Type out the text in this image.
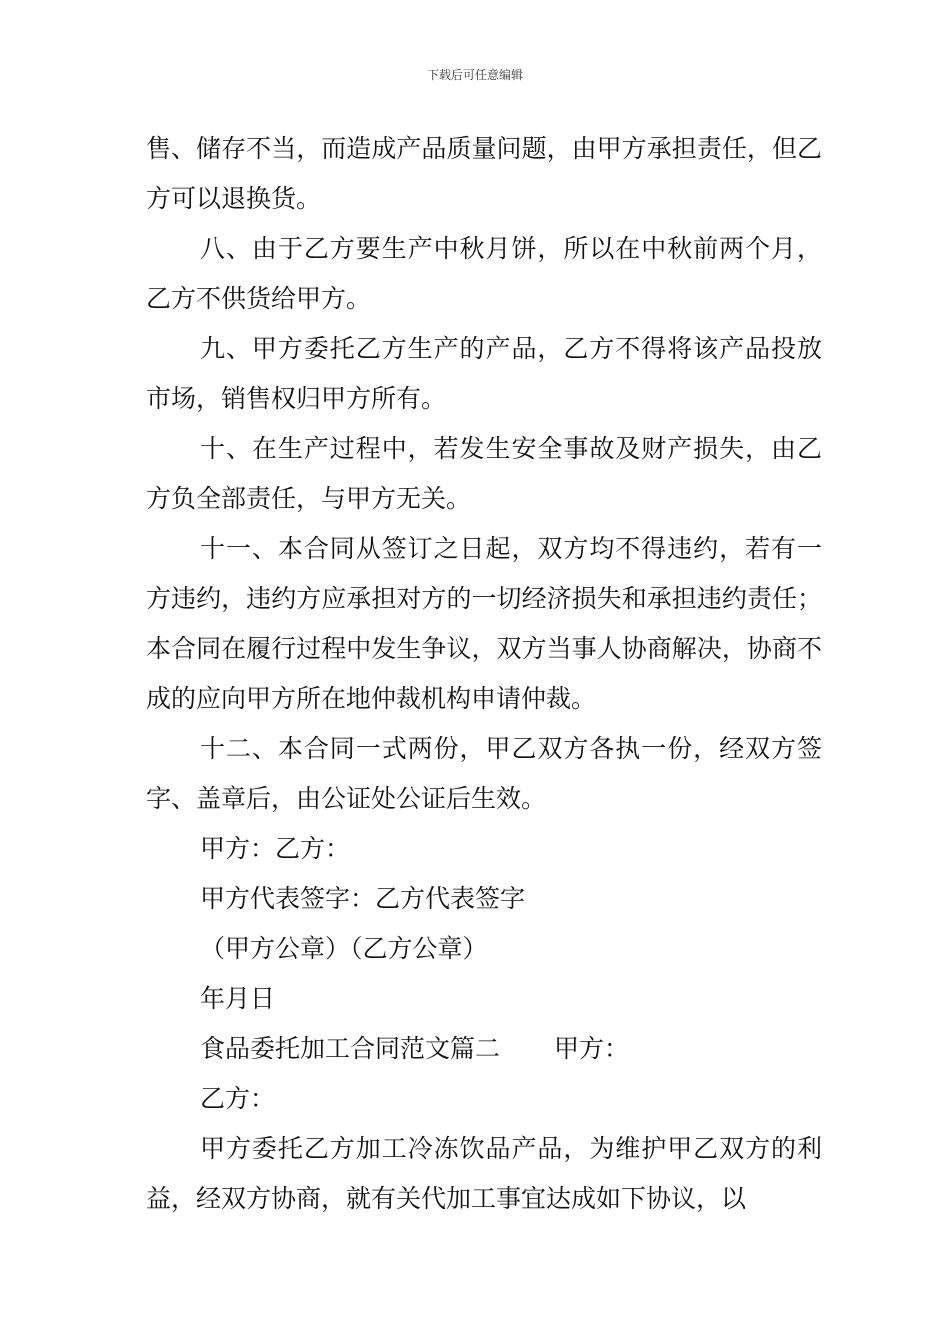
下载后可任意编辑

售、储存不当，而造成产品质量问题，由甲方承担责任，但乙方可以退换货。

八、由于乙方要生产中秋月饼，所以在中秋前两个月，乙方不供货给甲方。

九、甲方委托乙方生产的产品，乙方不得将该产品投放市场，销售权归甲方所有。

十、在生产过程中，若发生安全事故及财产损失，由乙方负全部责任，与甲方无关。

十一、本合同从签订之日起，双方均不得违约，若有一方违约，违约方应承担对方的一切经济损失和承担违约责任；本合同在履行过程中发生争议，双方当事人协商解决，协商不成的应向甲方所在地仲裁机构申请仲裁。

十二、本合同一式两份，甲乙双方各执一份，经双方签字、盖章后，由公证处公证后生效。

甲方：乙方：

甲方代表签字：乙方代表签字

（甲方公章）（乙方公章）

年月日

食品委托加工合同范文篇二 甲方：

乙方：

甲方委托乙方加工冷冻饮品产品，为维护甲乙双方的利益，经双方协商，就有关代加工事宜达成如下协议，以
